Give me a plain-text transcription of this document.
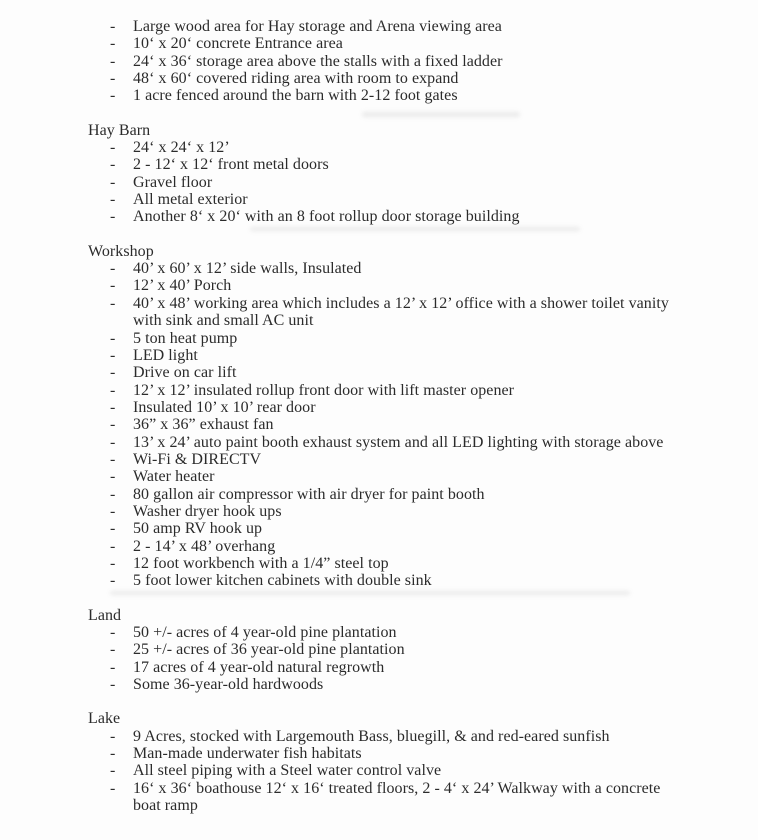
- Large wood area for Hay storage and Arena viewing area
- 10‘ x 20‘ concrete Entrance area
- 24‘ x 36‘ storage area above the stalls with a fixed ladder
- 48‘ x 60‘ covered riding area with room to expand
- 1 acre fenced around the barn with 2-12 foot gates
Hay Barn
- 24‘ x 24‘ x 12’
- 2 - 12‘ x 12‘ front metal doors
- Gravel floor
- All metal exterior
- Another 8‘ x 20‘ with an 8 foot rollup door storage building
Workshop
- 40’ x 60’ x 12’ side walls, Insulated
- 12’ x 40’ Porch
- 40’ x 48’ working area which includes a 12’ x 12’ office with a shower toilet vanity with sink and small AC unit
- 5 ton heat pump
- LED light
- Drive on car lift
- 12’ x 12’ insulated rollup front door with lift master opener
- Insulated 10’ x 10’ rear door
- 36” x 36” exhaust fan
- 13’ x 24’ auto paint booth exhaust system and all LED lighting with storage above
- Wi-Fi & DIRECTV
- Water heater
- 80 gallon air compressor with air dryer for paint booth
- Washer dryer hook ups
- 50 amp RV hook up
- 2 - 14’ x 48’ overhang
- 12 foot workbench with a 1/4” steel top
- 5 foot lower kitchen cabinets with double sink
Land
- 50 +/- acres of 4 year-old pine plantation
- 25 +/- acres of 36 year-old pine plantation
- 17 acres of 4 year-old natural regrowth
- Some 36-year-old hardwoods
Lake
- 9 Acres, stocked with Largemouth Bass, bluegill, & and red-eared sunfish
- Man-made underwater fish habitats
- All steel piping with a Steel water control valve
- 16‘ x 36‘ boathouse 12‘ x 16‘ treated floors, 2 - 4‘ x 24’ Walkway with a concrete boat ramp
